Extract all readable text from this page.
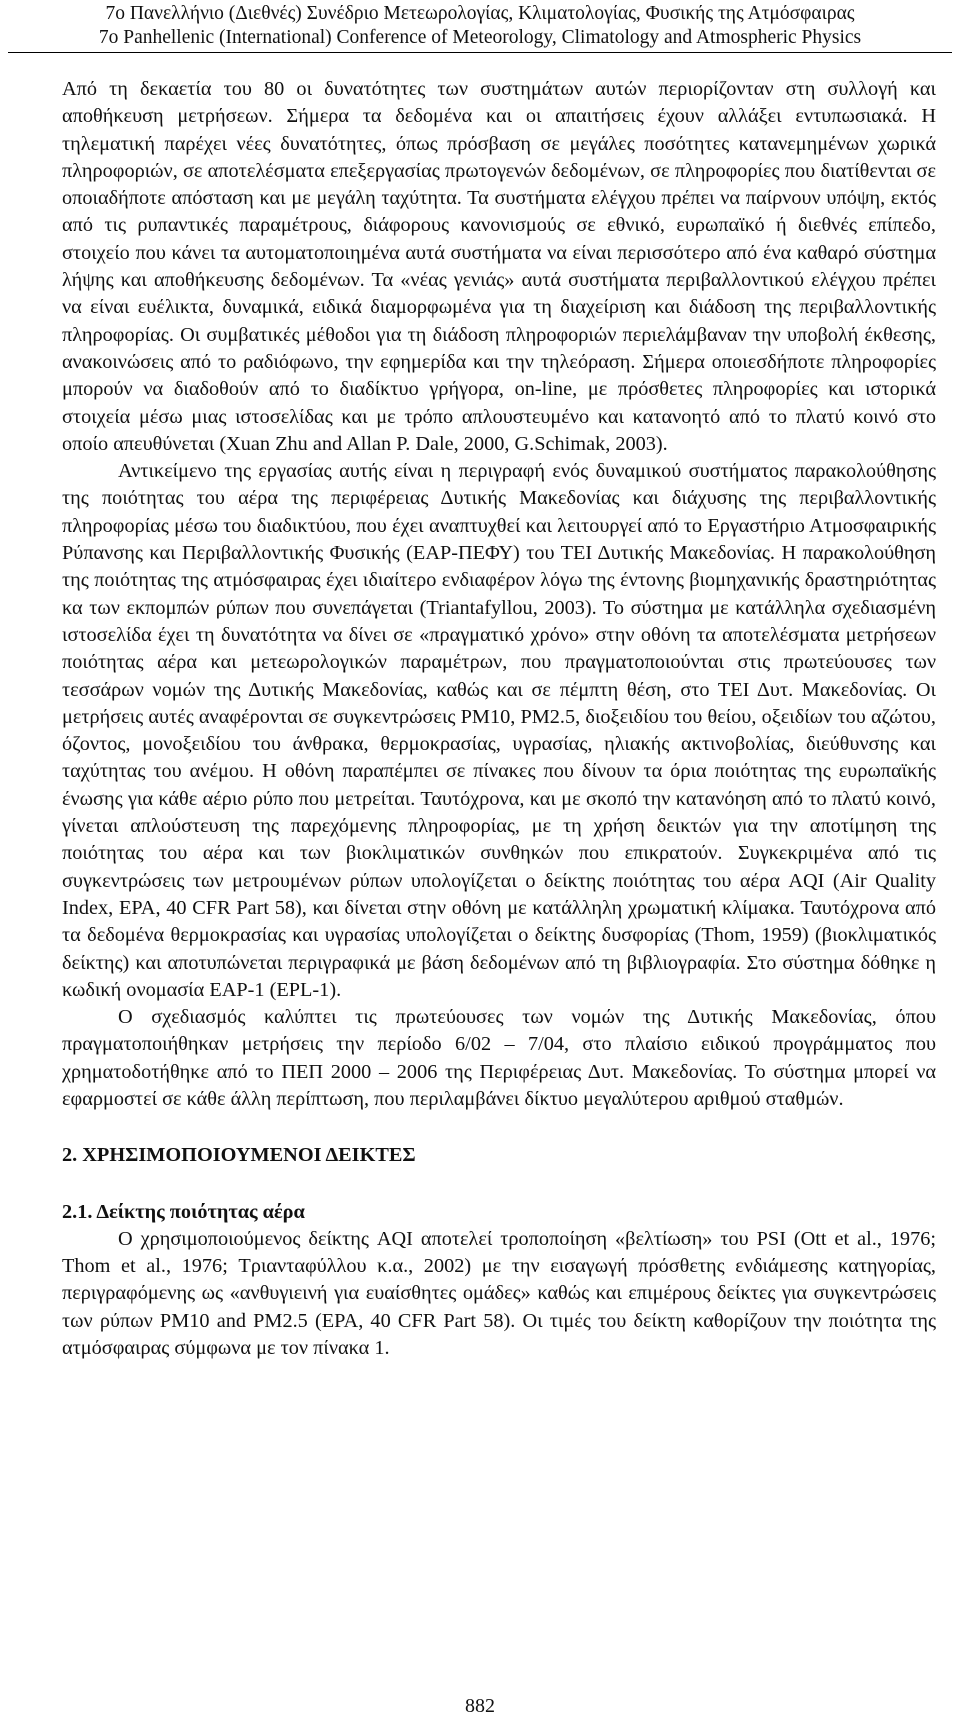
7ο Πανελλήνιο (Διεθνές) Συνέδριο Μετεωρολογίας, Κλιματολογίας, Φυσικής της Ατμόσφαιρας
7o Panhellenic (International) Conference of Meteorology, Climatology and Atmospheric Physics

Από τη δεκαετία του 80 οι δυνατότητες των συστημάτων αυτών περιορίζονταν στη συλλογή και αποθήκευση μετρήσεων. Σήμερα τα δεδομένα και οι απαιτήσεις έχουν αλλάξει εντυπωσιακά. Η τηλεματική παρέχει νέες δυνατότητες, όπως πρόσβαση σε μεγάλες ποσότητες κατανεμημένων χωρικά πληροφοριών, σε αποτελέσματα επεξεργασίας πρωτογενών δεδομένων, σε πληροφορίες που διατίθενται σε οποιαδήποτε απόσταση και με μεγάλη ταχύτητα. Τα συστήματα ελέγχου πρέπει να παίρνουν υπόψη, εκτός από τις ρυπαντικές παραμέτρους, διάφορους κανονισμούς σε εθνικό, ευρωπαϊκό ή διεθνές επίπεδο, στοιχείο που κάνει τα αυτοματοποιημένα αυτά συστήματα να είναι περισσότερο από ένα καθαρό σύστημα λήψης και αποθήκευσης δεδομένων. Τα «νέας γενιάς» αυτά συστήματα περιβαλλοντικού ελέγχου πρέπει να είναι ευέλικτα, δυναμικά, ειδικά διαμορφωμένα για τη διαχείριση και διάδοση της περιβαλλοντικής πληροφορίας. Οι συμβατικές μέθοδοι για τη διάδοση πληροφοριών περιελάμβαναν την υποβολή έκθεσης, ανακοινώσεις από το ραδιόφωνο, την εφημερίδα και την τηλεόραση. Σήμερα οποιεσδήποτε πληροφορίες μπορούν να διαδοθούν από το διαδίκτυο γρήγορα, on-line, με πρόσθετες πληροφορίες και ιστορικά στοιχεία μέσω μιας ιστοσελίδας και με τρόπο απλουστευμένο και κατανοητό από το πλατύ κοινό στο οποίο απευθύνεται (Xuan Zhu and Allan P. Dale, 2000, G.Schimak, 2003).

Αντικείμενο της εργασίας αυτής είναι η περιγραφή ενός δυναμικού συστήματος παρακολούθησης της ποιότητας του αέρα της περιφέρειας Δυτικής Μακεδονίας και διάχυσης της περιβαλλοντικής πληροφορίας μέσω του διαδικτύου, που έχει αναπτυχθεί και λειτουργεί από το Εργαστήριο Ατμοσφαιρικής Ρύπανσης και Περιβαλλοντικής Φυσικής (ΕΑΡ-ΠΕΦΥ) του ΤΕΙ Δυτικής Μακεδονίας. Η παρακολούθηση της ποιότητας της ατμόσφαιρας έχει ιδιαίτερο ενδιαφέρον λόγω της έντονης βιομηχανικής δραστηριότητας κα των εκπομπών ρύπων που συνεπάγεται (Triantafyllou, 2003). Το σύστημα με κατάλληλα σχεδιασμένη ιστοσελίδα έχει τη δυνατότητα να δίνει σε «πραγματικό χρόνο» στην οθόνη τα αποτελέσματα μετρήσεων ποιότητας αέρα και μετεωρολογικών παραμέτρων, που πραγματοποιούνται στις πρωτεύουσες των τεσσάρων νομών της Δυτικής Μακεδονίας, καθώς και σε πέμπτη θέση, στο ΤΕΙ Δυτ. Μακεδονίας. Οι μετρήσεις αυτές αναφέρονται σε συγκεντρώσεις PM10, PM2.5, διοξειδίου του θείου, οξειδίων του αζώτου, όζοντος, μονοξειδίου του άνθρακα, θερμοκρασίας, υγρασίας, ηλιακής ακτινοβολίας, διεύθυνσης και ταχύτητας του ανέμου. Η οθόνη παραπέμπει σε πίνακες που δίνουν τα όρια ποιότητας της ευρωπαϊκής ένωσης για κάθε αέριο ρύπο που μετρείται. Ταυτόχρονα, και με σκοπό την κατανόηση από το πλατύ κοινό, γίνεται απλούστευση της παρεχόμενης πληροφορίας, με τη χρήση δεικτών για την αποτίμηση της ποιότητας του αέρα και των βιοκλιματικών συνθηκών που επικρατούν. Συγκεκριμένα από τις συγκεντρώσεις των μετρουμένων ρύπων υπολογίζεται ο δείκτης ποιότητας του αέρα AQI (Air Quality Index, EPA, 40 CFR Part 58), και δίνεται στην οθόνη με κατάλληλη χρωματική κλίμακα. Ταυτόχρονα από τα δεδομένα θερμοκρασίας και υγρασίας υπολογίζεται ο δείκτης δυσφορίας (Thom, 1959) (βιοκλιματικός δείκτης) και αποτυπώνεται περιγραφικά με βάση δεδομένων από τη βιβλιογραφία. Στο σύστημα δόθηκε η κωδική ονομασία EAP-1 (EPL-1).

Ο σχεδιασμός καλύπτει τις πρωτεύουσες των νομών της Δυτικής Μακεδονίας, όπου πραγματοποιήθηκαν μετρήσεις την περίοδο 6/02 – 7/04, στο πλαίσιο ειδικού προγράμματος που χρηματοδοτήθηκε από το ΠΕΠ 2000 – 2006 της Περιφέρειας Δυτ. Μακεδονίας. Το σύστημα μπορεί να εφαρμοστεί σε κάθε άλλη περίπτωση, που περιλαμβάνει δίκτυο μεγαλύτερου αριθμού σταθμών.

2. ΧΡΗΣΙΜΟΠΟΙΟΥΜΕΝΟΙ ΔΕΙΚΤΕΣ
2.1. Δείκτης ποιότητας αέρα

Ο χρησιμοποιούμενος δείκτης AQI αποτελεί τροποποίηση «βελτίωση» του PSI (Ott et al., 1976; Thom et al., 1976; Τριανταφύλλου κ.α., 2002) με την εισαγωγή πρόσθετης ενδιάμεσης κατηγορίας, περιγραφόμενης ως «ανθυγιεινή για ευαίσθητες ομάδες» καθώς και επιμέρους δείκτες για συγκεντρώσεις των ρύπων PM10 and PM2.5 (EPA, 40 CFR Part 58). Οι τιμές του δείκτη καθορίζουν την ποιότητα της ατμόσφαιρας σύμφωνα με τον πίνακα 1.

882
